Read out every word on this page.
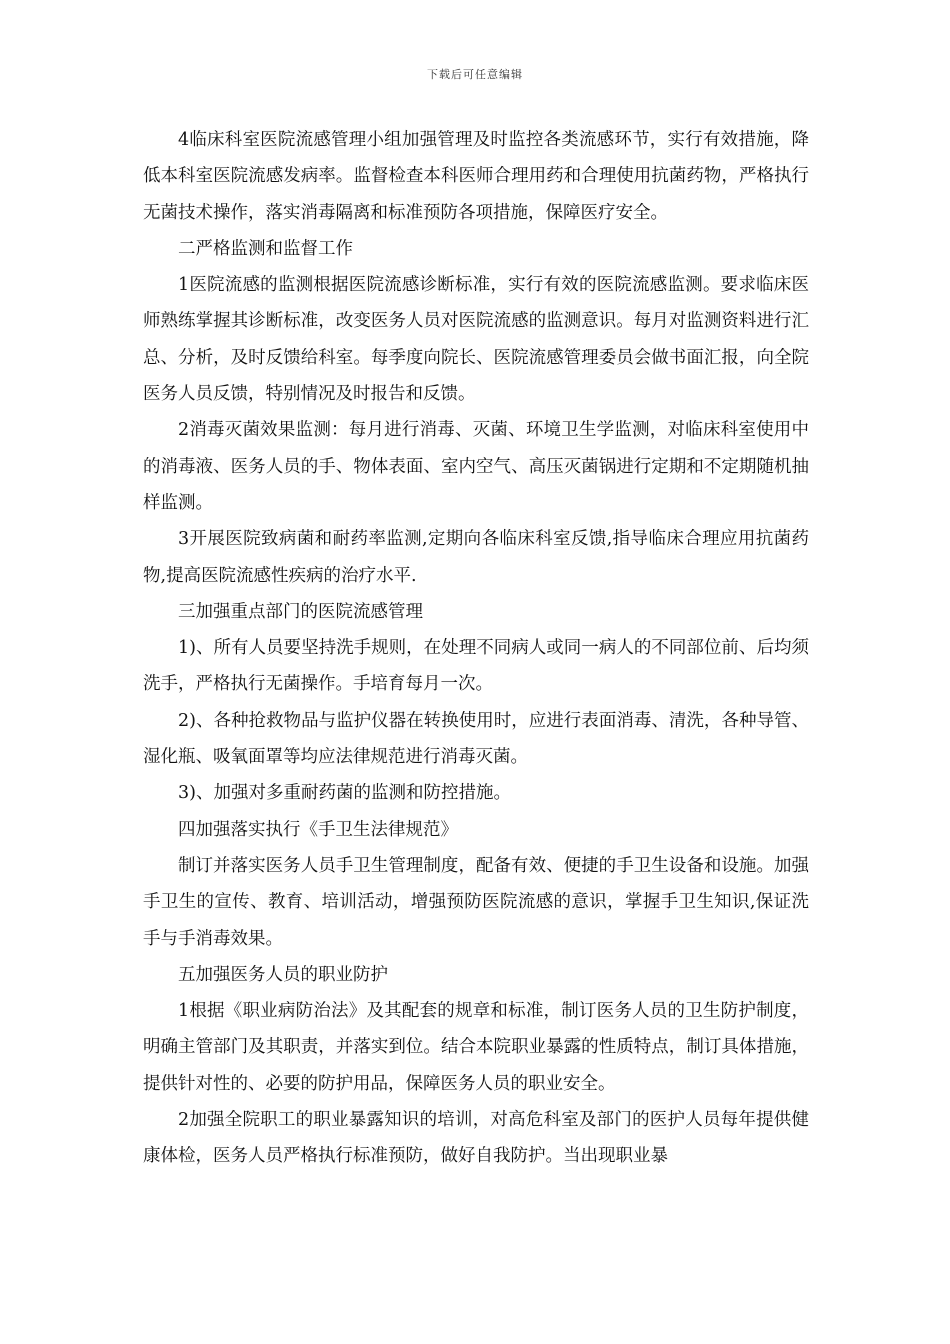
下载后可任意编辑

4临床科室医院流感管理小组加强管理及时监控各类流感环节，实行有效措施，降低本科室医院流感发病率。监督检查本科医师合理用药和合理使用抗菌药物，严格执行无菌技术操作，落实消毒隔离和标准预防各项措施，保障医疗安全。

二严格监测和监督工作

1医院流感的监测根据医院流感诊断标准，实行有效的医院流感监测。要求临床医师熟练掌握其诊断标准，改变医务人员对医院流感的监测意识。每月对监测资料进行汇总、分析，及时反馈给科室。每季度向院长、医院流感管理委员会做书面汇报，向全院医务人员反馈，特别情况及时报告和反馈。

2消毒灭菌效果监测：每月进行消毒、灭菌、环境卫生学监测，对临床科室使用中的消毒液、医务人员的手、物体表面、室内空气、高压灭菌锅进行定期和不定期随机抽样监测。

3开展医院致病菌和耐药率监测,定期向各临床科室反馈,指导临床合理应用抗菌药物,提高医院流感性疾病的治疗水平.

三加强重点部门的医院流感管理

1)、所有人员要坚持洗手规则，在处理不同病人或同一病人的不同部位前、后均须洗手，严格执行无菌操作。手培育每月一次。

2)、各种抢救物品与监护仪器在转换使用时，应进行表面消毒、清洗，各种导管、湿化瓶、吸氧面罩等均应法律规范进行消毒灭菌。

3)、加强对多重耐药菌的监测和防控措施。

四加强落实执行《手卫生法律规范》

制订并落实医务人员手卫生管理制度，配备有效、便捷的手卫生设备和设施。加强手卫生的宣传、教育、培训活动，增强预防医院流感的意识，掌握手卫生知识,保证洗手与手消毒效果。

五加强医务人员的职业防护

1根据《职业病防治法》及其配套的规章和标准，制订医务人员的卫生防护制度，明确主管部门及其职责，并落实到位。结合本院职业暴露的性质特点，制订具体措施，提供针对性的、必要的防护用品，保障医务人员的职业安全。

2加强全院职工的职业暴露知识的培训，对高危科室及部门的医护人员每年提供健康体检，医务人员严格执行标准预防，做好自我防护。当出现职业暴
